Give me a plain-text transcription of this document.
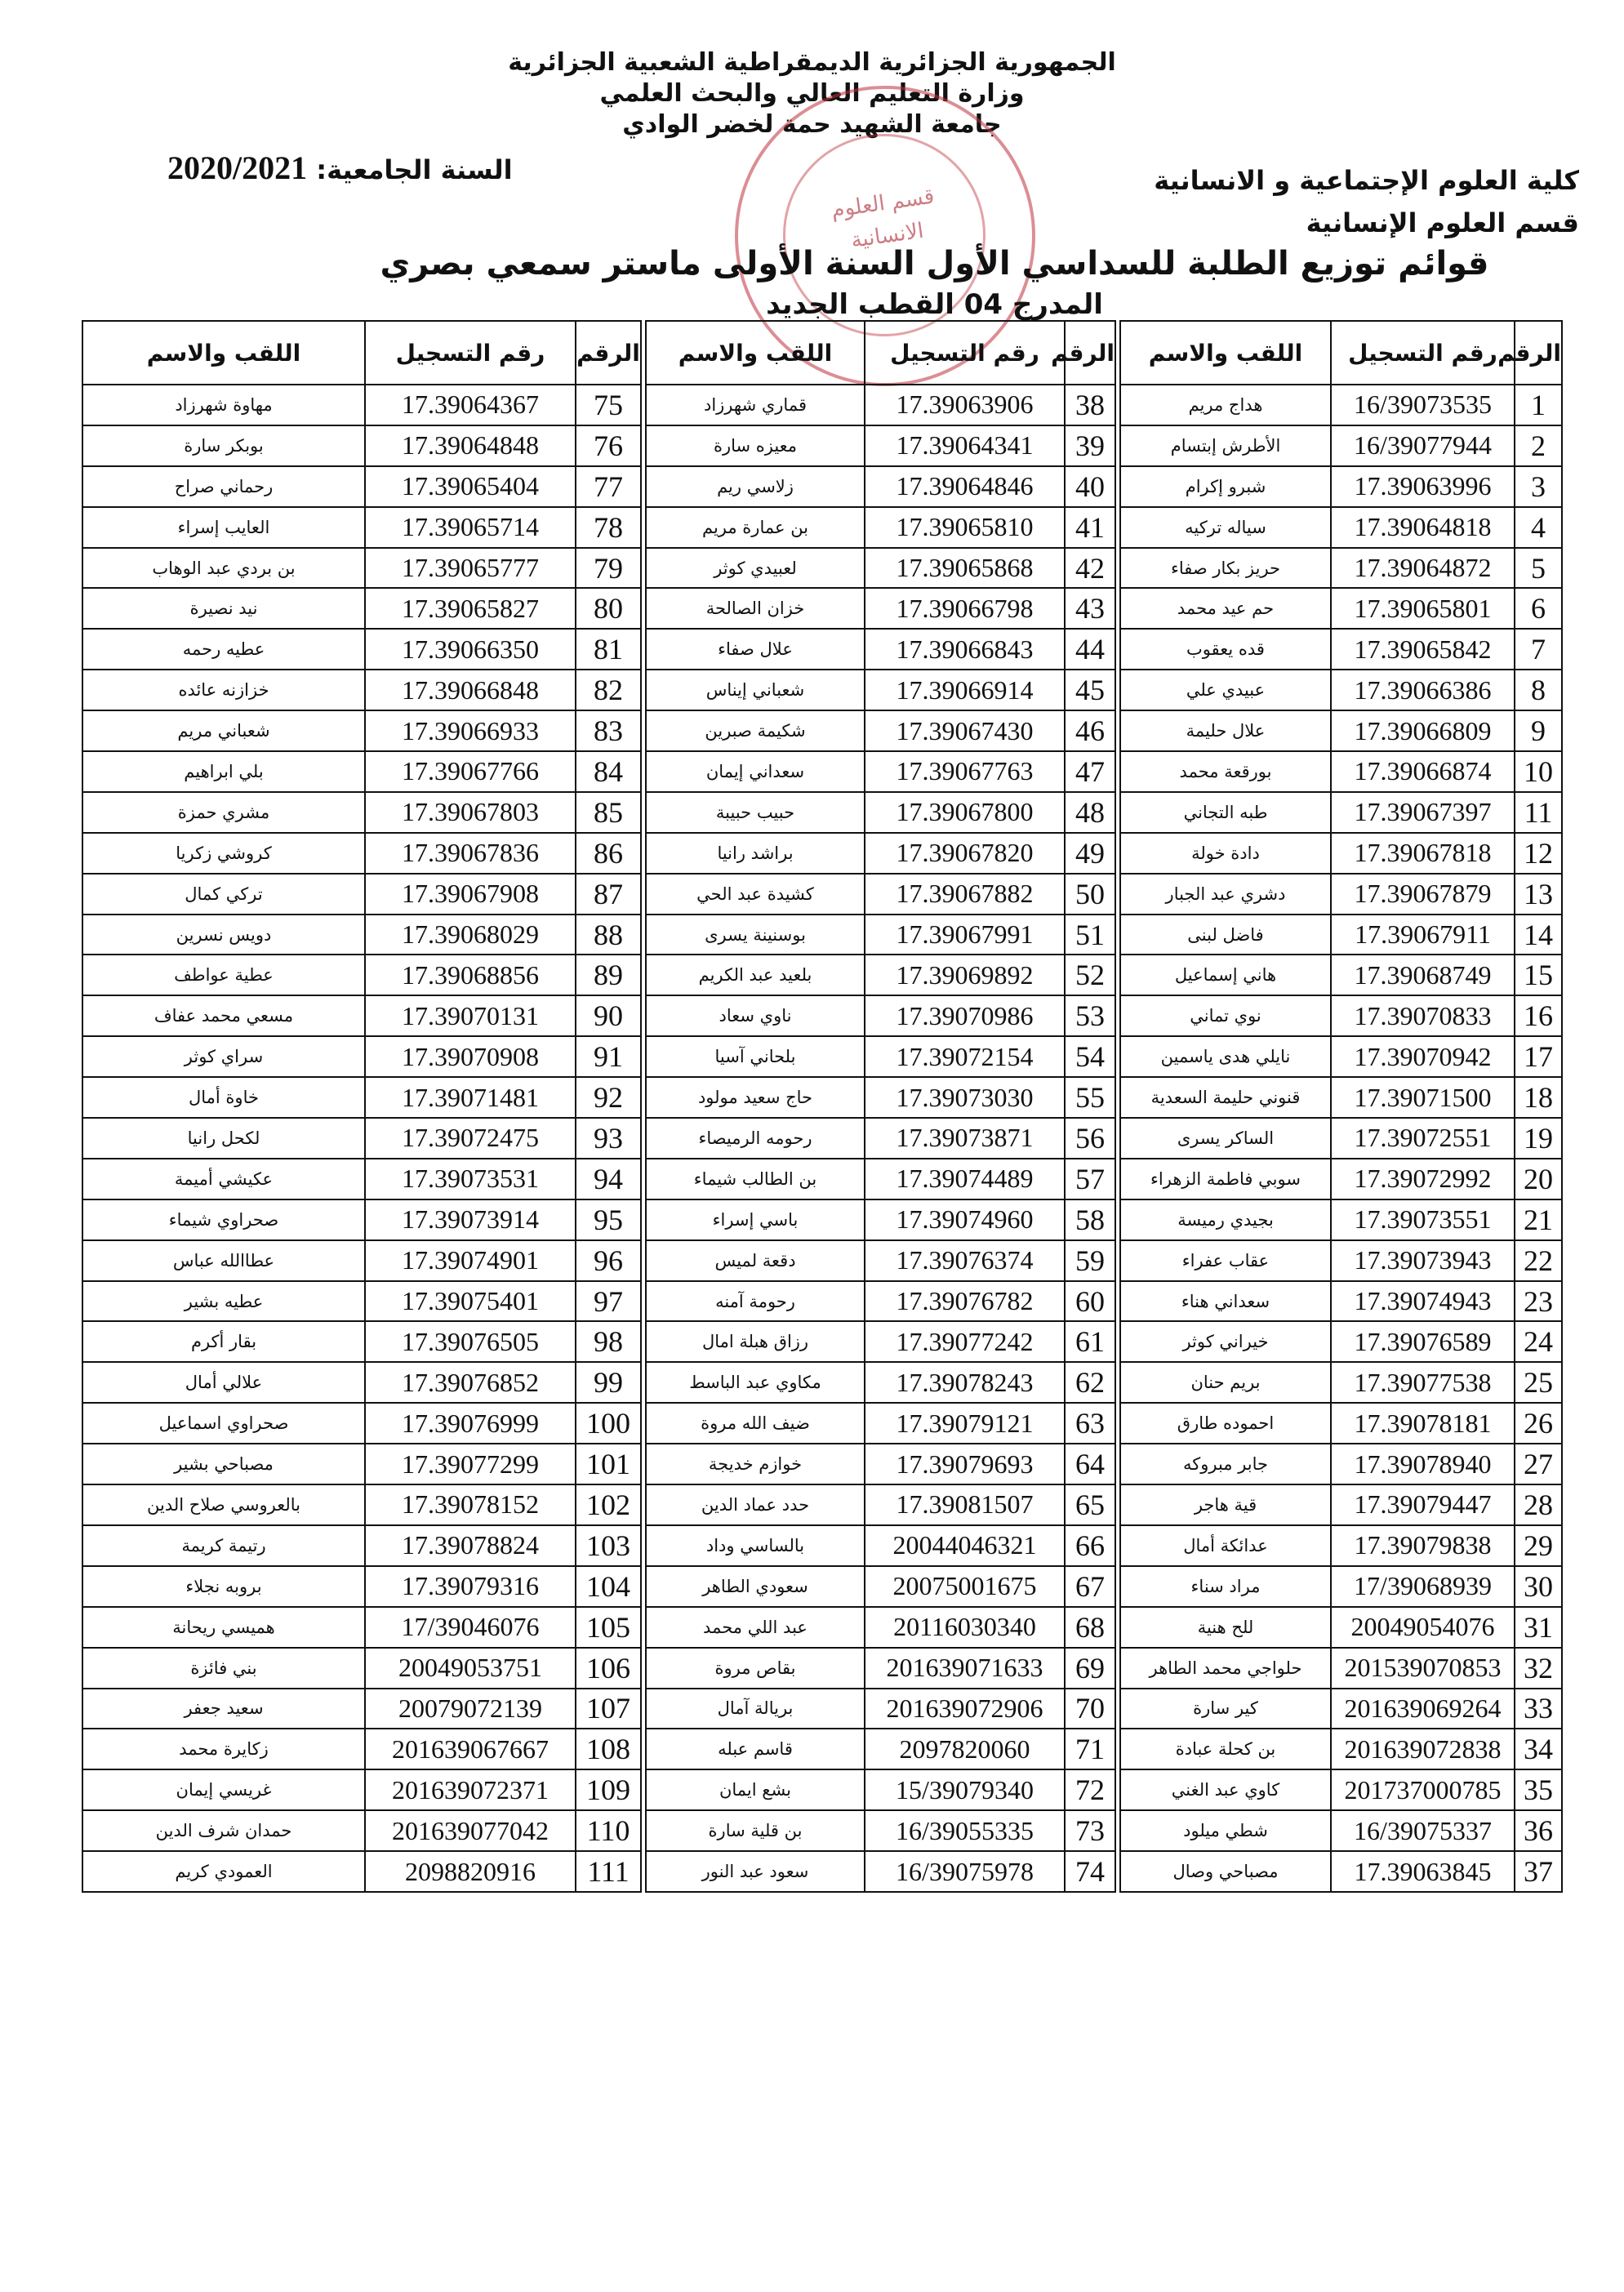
الجمهورية الجزائرية الديمقراطية الشعبية الجزائرية
وزارة التعليم العالي والبحث العلمي
جامعة الشهيد حمة لخضر الوادي
قسم العلوم الانسانية
كلية العلوم الإجتماعية و الانسانية
قسم العلوم الإنسانية
السنة الجامعية: 2020/2021
قوائم توزيع الطلبة للسداسي الأول السنة الأولى ماستر سمعي بصري
المدرج 04 القطب الجديد
الرقم	رقم التسجيل	اللقب والاسم		الرقم	رقم التسجيل	اللقب والاسم		الرقم	رقم التسجيل	اللقب والاسم
1	16/39073535	هداج مريم		38	17.39063906	قماري شهرزاد		75	17.39064367	مهاوة شهرزاد
2	16/39077944	الأطرش إبتسام		39	17.39064341	معيزه سارة		76	17.39064848	بوبكر سارة
3	17.39063996	شبرو إكرام		40	17.39064846	زلاسي ريم		77	17.39065404	رحماني صراح
4	17.39064818	سياله تركيه		41	17.39065810	بن عمارة مريم		78	17.39065714	العايب إسراء
5	17.39064872	حريز بكار صفاء		42	17.39065868	لعبيدي كوثر		79	17.39065777	بن بردي عبد الوهاب
6	17.39065801	حم عيد محمد		43	17.39066798	خزان الصالحة		80	17.39065827	نيد نصيرة
7	17.39065842	قده يعقوب		44	17.39066843	علال صفاء		81	17.39066350	عطيه رحمه
8	17.39066386	عبيدي علي		45	17.39066914	شعباني إيناس		82	17.39066848	خزازنه عائده
9	17.39066809	علال حليمة		46	17.39067430	شكيمة صبرين		83	17.39066933	شعباني مريم
10	17.39066874	بورقعة محمد		47	17.39067763	سعداني إيمان		84	17.39067766	بلي ابراهيم
11	17.39067397	طبه التجاني		48	17.39067800	حبيب حبيبة		85	17.39067803	مشري حمزة
12	17.39067818	دادة خولة		49	17.39067820	براشد رانيا		86	17.39067836	كروشي زكريا
13	17.39067879	دشري عبد الجبار		50	17.39067882	كشيدة عبد الحي		87	17.39067908	تركي كمال
14	17.39067911	فاضل لبنى		51	17.39067991	بوسنينة يسرى		88	17.39068029	دويس نسرين
15	17.39068749	هاني إسماعيل		52	17.39069892	بلعيد عبد الكريم		89	17.39068856	عطية عواطف
16	17.39070833	نوي تماني		53	17.39070986	ناوي سعاد		90	17.39070131	مسعي محمد عفاف
17	17.39070942	نايلي هدى ياسمين		54	17.39072154	بلحاني آسيا		91	17.39070908	سراي كوثر
18	17.39071500	قنوني حليمة السعدية		55	17.39073030	حاج سعيد مولود		92	17.39071481	خاوة أمال
19	17.39072551	الساكر يسرى		56	17.39073871	رحومه الرميصاء		93	17.39072475	لكحل رانيا
20	17.39072992	سوبي فاطمة الزهراء		57	17.39074489	بن الطالب شيماء		94	17.39073531	عكيشي أميمة
21	17.39073551	بجيدي رميسة		58	17.39074960	باسي إسراء		95	17.39073914	صحراوي شيماء
22	17.39073943	عقاب عفراء		59	17.39076374	دقعة لميس		96	17.39074901	عطاالله عباس
23	17.39074943	سعداني هناء		60	17.39076782	رحومة آمنه		97	17.39075401	عطيه بشير
24	17.39076589	خيراني كوثر		61	17.39077242	رزاق هبلة امال		98	17.39076505	بقار أكرم
25	17.39077538	بريم حنان		62	17.39078243	مكاوي عبد الباسط		99	17.39076852	علالي أمال
26	17.39078181	احموده طارق		63	17.39079121	ضيف الله مروة		100	17.39076999	صحراوي اسماعيل
27	17.39078940	جابر مبروكه		64	17.39079693	خوازم خديجة		101	17.39077299	مصباحي بشير
28	17.39079447	قية هاجر		65	17.39081507	حدد عماد الدين		102	17.39078152	بالعروسي صلاح الدين
29	17.39079838	عدائكة أمال		66	20044046321	بالساسي وداد		103	17.39078824	رتيمة كريمة
30	17/39068939	مراد سناء		67	20075001675	سعودي الطاهر		104	17.39079316	بروبه نجلاء
31	20049054076	للح هنية		68	20116030340	عبد اللي محمد		105	17/39046076	هميسي ريحانة
32	201539070853	حلواجي محمد الطاهر		69	201639071633	بقاص مروة		106	20049053751	بني فائزة
33	201639069264	كير سارة		70	201639072906	بريالة آمال		107	20079072139	سعيد جعفر
34	201639072838	بن كحلة عبادة		71	2097820060	قاسم عبله		108	201639067667	زكايرة محمد
35	201737000785	كاوي عبد الغني		72	15/39079340	بشع ايمان		109	201639072371	غريسي إيمان
36	16/39075337	شطي ميلود		73	16/39055335	بن قلية سارة		110	201639077042	حمدان شرف الدين
37	17.39063845	مصباحي وصال		74	16/39075978	سعود عبد النور		111	2098820916	العمودي كريم
